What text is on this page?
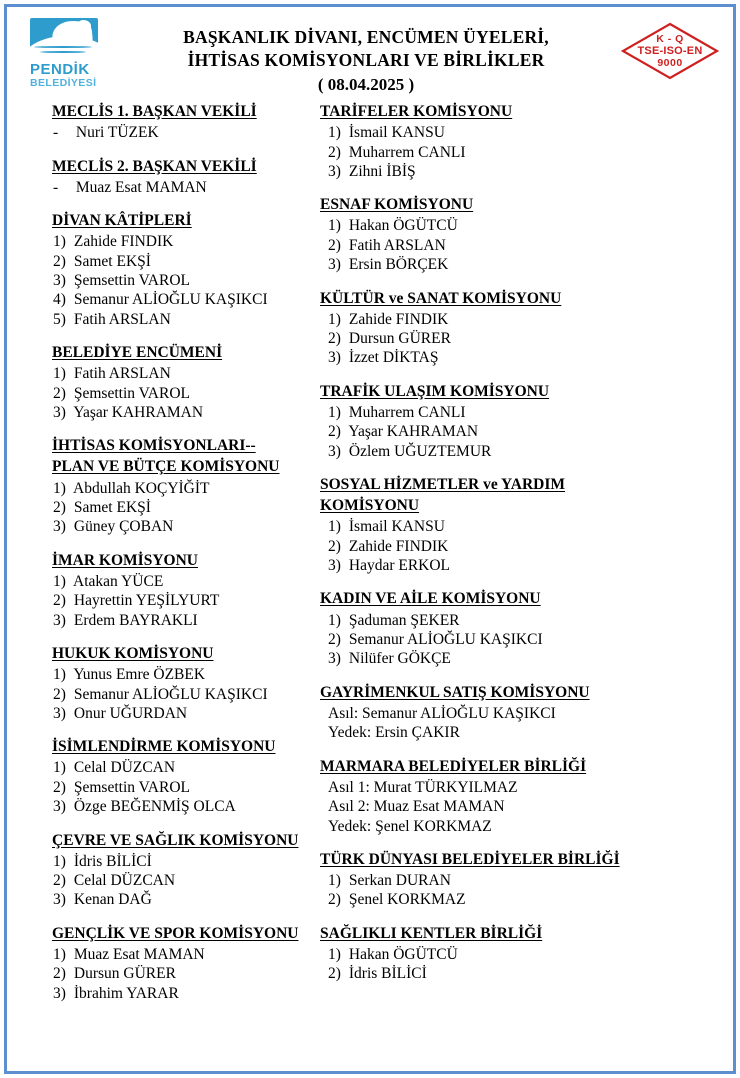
PENDİK
BELEDİYESİ
BAŞKANLIK DİVANI, ENCÜMEN ÜYELERİ,
İHTİSAS KOMİSYONLARI VE BİRLİKLER
( 08.04.2025 )
K - Q
TSE-ISO-EN
9000
MECLİS 1. BAŞKAN VEKİLİ
- Nuri TÜZEK
MECLİS 2. BAŞKAN VEKİLİ
- Muaz Esat MAMAN
DİVAN KÂTİPLERİ
1) Zahide FINDIK
2) Samet EKŞİ
3) Şemsettin VAROL
4) Semanur ALİOĞLU KAŞIKCI
5) Fatih ARSLAN
BELEDİYE ENCÜMENİ
1) Fatih ARSLAN
2) Şemsettin VAROL
3) Yaşar KAHRAMAN
İHTİSAS KOMİSYONLARI--
PLAN VE BÜTÇE KOMİSYONU
1) Abdullah KOÇYİĞİT
2) Samet EKŞİ
3) Güney ÇOBAN
İMAR KOMİSYONU
1) Atakan YÜCE
2) Hayrettin YEŞİLYURT
3) Erdem BAYRAKLI
HUKUK KOMİSYONU
1) Yunus Emre ÖZBEK
2) Semanur ALİOĞLU KAŞIKCI
3) Onur UĞURDAN
İSİMLENDİRME KOMİSYONU
1) Celal DÜZCAN
2) Şemsettin VAROL
3) Özge BEĞENMİŞ OLCA
ÇEVRE VE SAĞLIK KOMİSYONU
1) İdris BİLİCİ
2) Celal DÜZCAN
3) Kenan DAĞ
GENÇLİK VE SPOR KOMİSYONU
1) Muaz Esat MAMAN
2) Dursun GÜRER
3) İbrahim YARAR
TARİFELER KOMİSYONU
1) İsmail KANSU
2) Muharrem CANLI
3) Zihni İBİŞ
ESNAF KOMİSYONU
1) Hakan ÖGÜTCÜ
2) Fatih ARSLAN
3) Ersin BÖRÇEK
KÜLTÜR ve SANAT KOMİSYONU
1) Zahide FINDIK
2) Dursun GÜRER
3) İzzet DİKTAŞ
TRAFİK ULAŞIM KOMİSYONU
1) Muharrem CANLI
2) Yaşar KAHRAMAN
3) Özlem UĞUZTEMUR
SOSYAL HİZMETLER ve YARDIM
KOMİSYONU
1) İsmail KANSU
2) Zahide FINDIK
3) Haydar ERKOL
KADIN VE AİLE KOMİSYONU
1) Şaduman ŞEKER
2) Semanur ALİOĞLU KAŞIKCI
3) Nilüfer GÖKÇE
GAYRİMENKUL SATIŞ KOMİSYONU
Asıl: Semanur ALİOĞLU KAŞIKCI
Yedek: Ersin ÇAKIR
MARMARA BELEDİYELER BİRLİĞİ
Asıl 1: Murat TÜRKYILMAZ
Asıl 2: Muaz Esat MAMAN
Yedek: Şenel KORKMAZ
TÜRK DÜNYASI BELEDİYELER BİRLİĞİ
1) Serkan DURAN
2) Şenel KORKMAZ
SAĞLIKLI KENTLER BİRLİĞİ
1) Hakan ÖGÜTCÜ
2) İdris BİLİCİ
